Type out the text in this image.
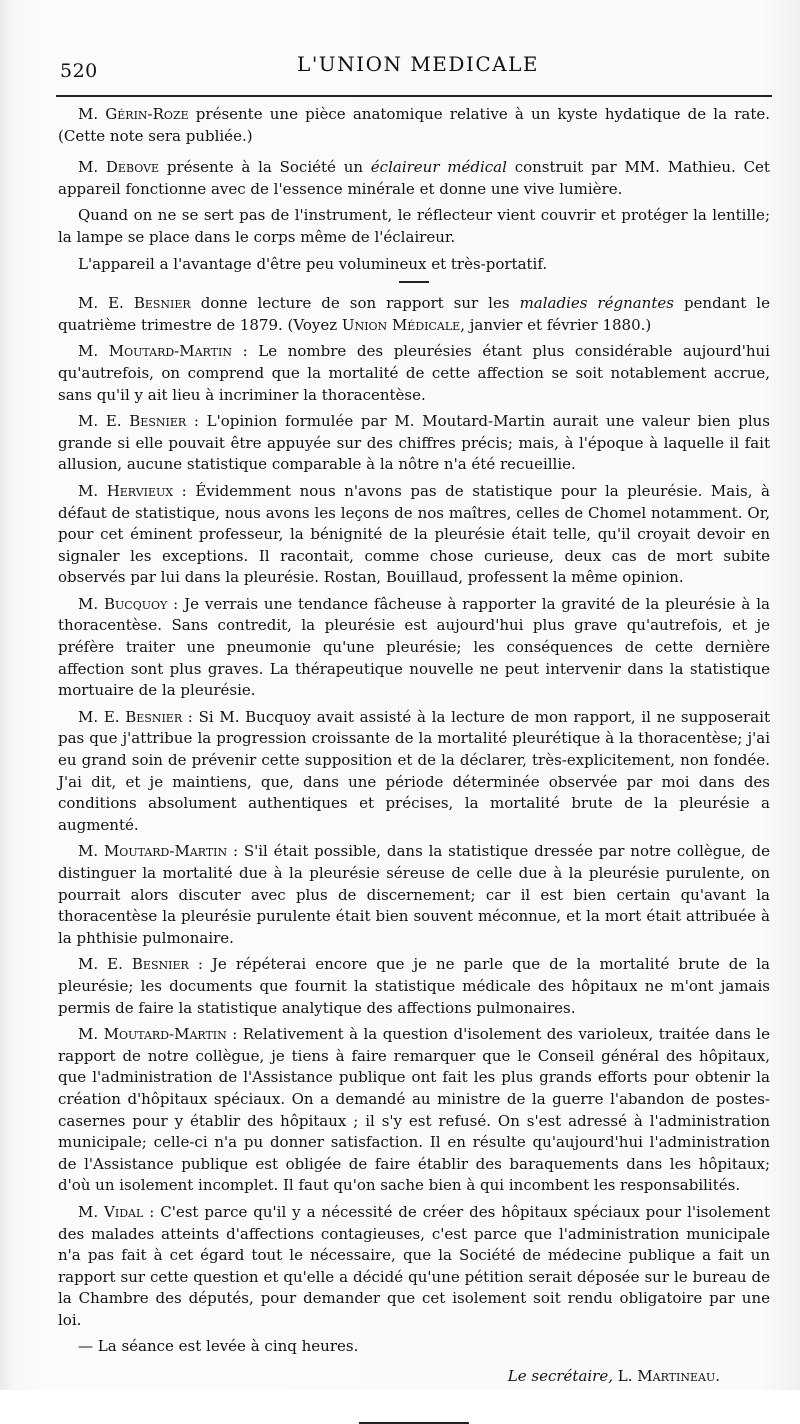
520	L'UNION MEDICALE

M. Gérin-Roze présente une pièce anatomique relative à un kyste hydatique de la rate. (Cette note sera publiée.)

M. Debove présente à la Société un éclaireur médical construit par MM. Mathieu. Cet appareil fonctionne avec de l'essence minérale et donne une vive lumière.

Quand on ne se sert pas de l'instrument, le réflecteur vient couvrir et protéger la lentille; la lampe se place dans le corps même de l'éclaireur.

L'appareil a l'avantage d'être peu volumineux et très-portatif.

M. E. Besnier donne lecture de son rapport sur les maladies régnantes pendant le quatrième trimestre de 1879. (Voyez Union Médicale, janvier et février 1880.)

M. Moutard-Martin : Le nombre des pleurésies étant plus considérable aujourd'hui qu'autrefois, on comprend que la mortalité de cette affection se soit notablement accrue, sans qu'il y ait lieu à incriminer la thoracentèse.

M. E. Besnier : L'opinion formulée par M. Moutard-Martin aurait une valeur bien plus grande si elle pouvait être appuyée sur des chiffres précis; mais, à l'époque à laquelle il fait allusion, aucune statistique comparable à la nôtre n'a été recueillie.

M. Hervieux : Évidemment nous n'avons pas de statistique pour la pleurésie. Mais, à défaut de statistique, nous avons les leçons de nos maîtres, celles de Chomel notamment. Or, pour cet éminent professeur, la bénignité de la pleurésie était telle, qu'il croyait devoir en signaler les exceptions. Il racontait, comme chose curieuse, deux cas de mort subite observés par lui dans la pleurésie. Rostan, Bouillaud, professent la même opinion.

M. Bucquoy : Je verrais une tendance fâcheuse à rapporter la gravité de la pleurésie à la thoracentèse. Sans contredit, la pleurésie est aujourd'hui plus grave qu'autrefois, et je préfère traiter une pneumonie qu'une pleurésie; les conséquences de cette dernière affection sont plus graves. La thérapeutique nouvelle ne peut intervenir dans la statistique mortuaire de la pleurésie.

M. E. Besnier : Si M. Bucquoy avait assisté à la lecture de mon rapport, il ne supposerait pas que j'attribue la progression croissante de la mortalité pleurétique à la thoracentèse; j'ai eu grand soin de prévenir cette supposition et de la déclarer, très-explicitement, non fondée. J'ai dit, et je maintiens, que, dans une période déterminée observée par moi dans des conditions absolument authentiques et précises, la mortalité brute de la pleurésie a augmenté.

M. Moutard-Martin : S'il était possible, dans la statistique dressée par notre collègue, de distinguer la mortalité due à la pleurésie séreuse de celle due à la pleurésie purulente, on pourrait alors discuter avec plus de discernement; car il est bien certain qu'avant la thoracentèse la pleurésie purulente était bien souvent méconnue, et la mort était attribuée à la phthisie pulmonaire.

M. E. Besnier : Je répéterai encore que je ne parle que de la mortalité brute de la pleurésie; les documents que fournit la statistique médicale des hôpitaux ne m'ont jamais permis de faire la statistique analytique des affections pulmonaires.

M. Moutard-Martin : Relativement à la question d'isolement des varioleux, traitée dans le rapport de notre collègue, je tiens à faire remarquer que le Conseil général des hôpitaux, que l'administration de l'Assistance publique ont fait les plus grands efforts pour obtenir la création d'hôpitaux spéciaux. On a demandé au ministre de la guerre l'abandon de postes-casernes pour y établir des hôpitaux ; il s'y est refusé. On s'est adressé à l'administration municipale; celle-ci n'a pu donner satisfaction. Il en résulte qu'aujourd'hui l'administration de l'Assistance publique est obligée de faire établir des baraquements dans les hôpitaux; d'où un isolement incomplet. Il faut qu'on sache bien à qui incombent les responsabilités.

M. Vidal : C'est parce qu'il y a nécessité de créer des hôpitaux spéciaux pour l'isolement des malades atteints d'affections contagieuses, c'est parce que l'administration municipale n'a pas fait à cet égard tout le nécessaire, que la Société de médecine publique a fait un rapport sur cette question et qu'elle a décidé qu'une pétition serait déposée sur le bureau de la Chambre des députés, pour demander que cet isolement soit rendu obligatoire par une loi.

— La séance est levée à cinq heures.

Le secrétaire, L. Martineau.
